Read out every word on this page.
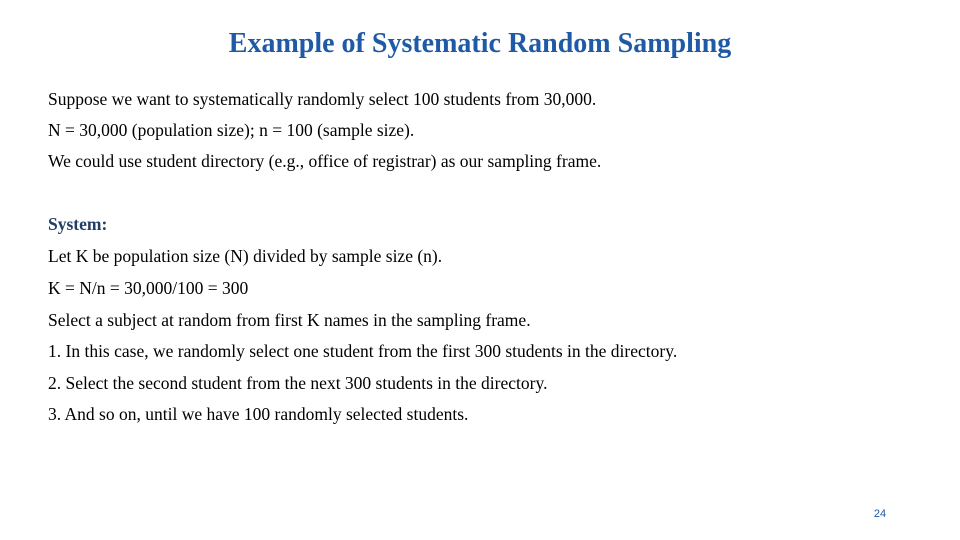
Example of Systematic Random Sampling
Suppose we want to systematically randomly select 100 students from 30,000.
N = 30,000 (population size); n = 100 (sample size).
We could use student directory (e.g., office of registrar) as our sampling frame.
System:
Let K be population size (N) divided by sample size (n).
K = N/n = 30,000/100 = 300
Select a subject at random from first K names in the sampling frame.
1. In this case, we randomly select one student from the first 300 students in the directory.
2. Select the second student from the next 300 students in the directory.
3. And so on, until we have 100 randomly selected students.
24
